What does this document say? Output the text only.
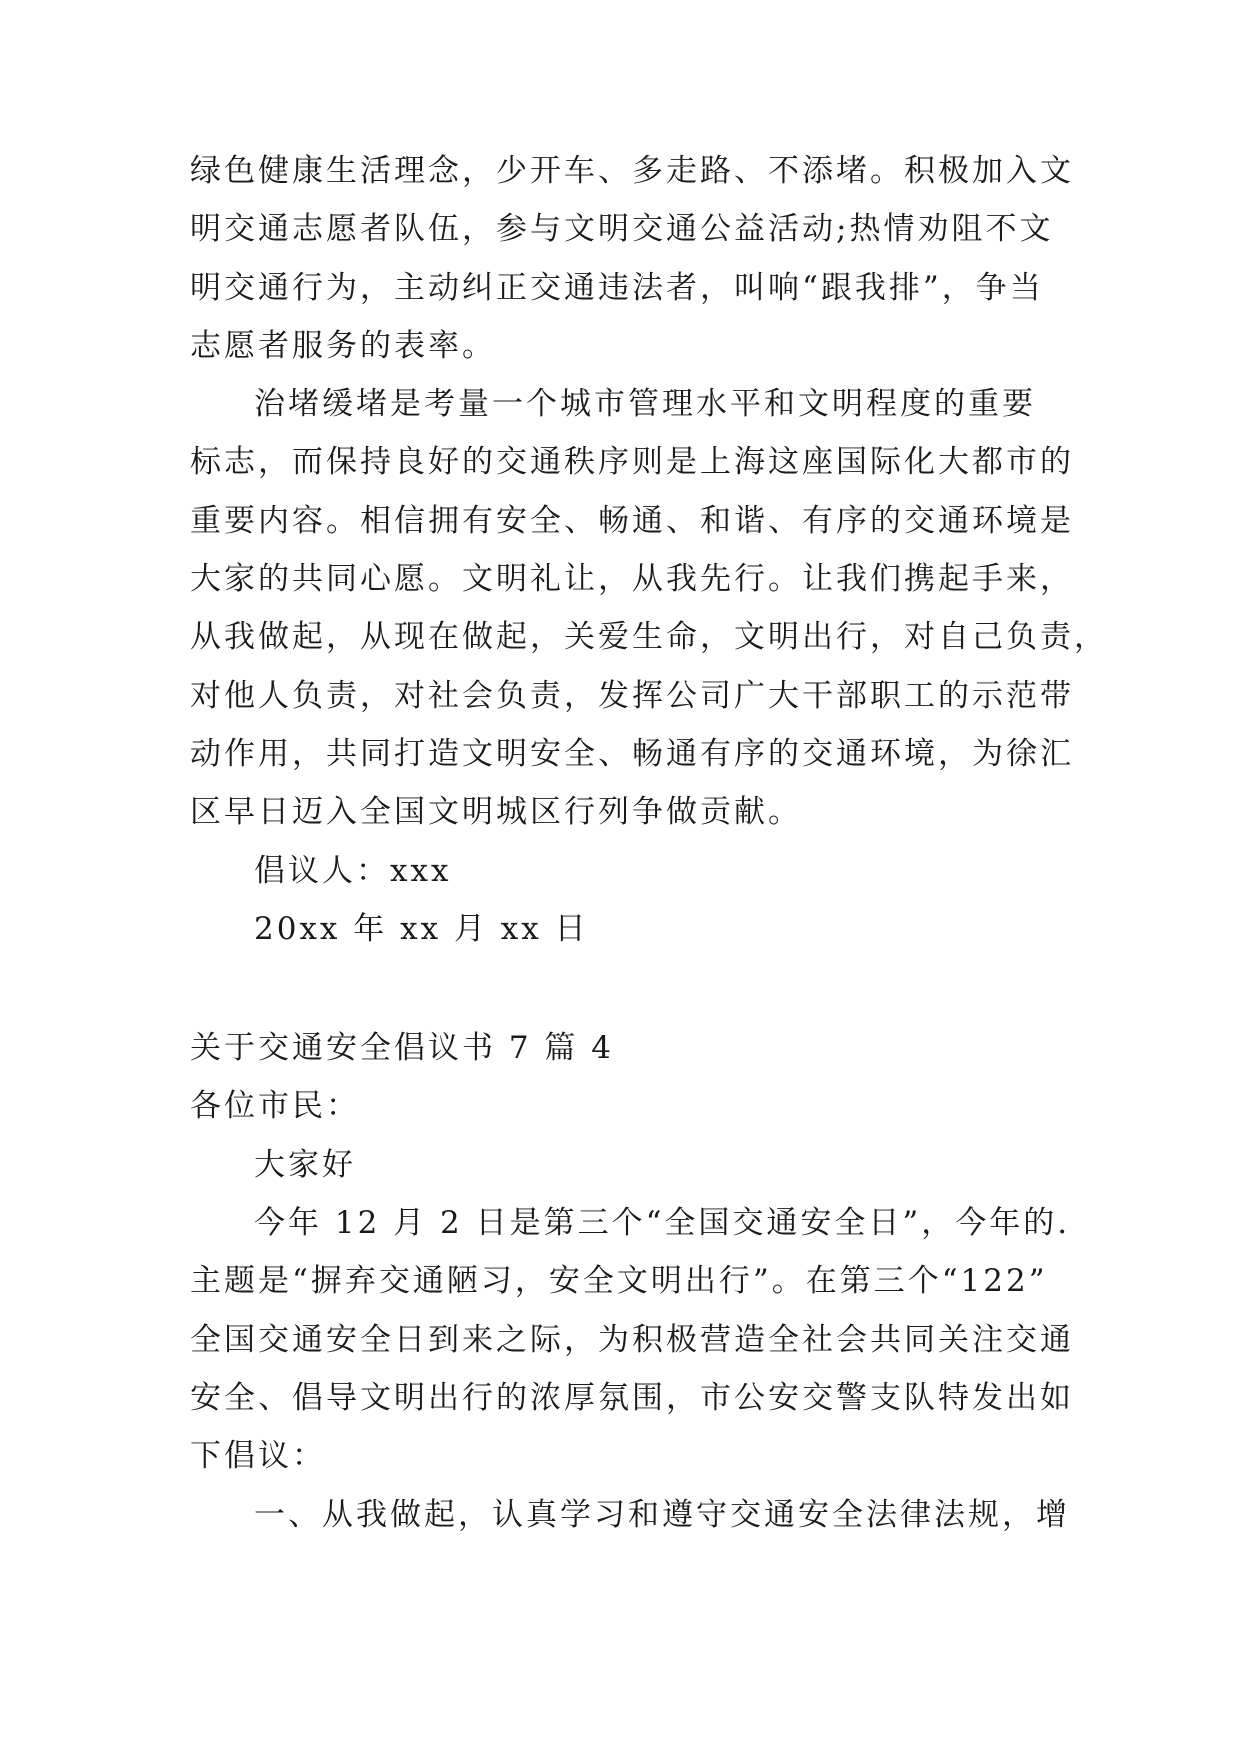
绿色健康生活理念，少开车、多走路、不添堵。积极加入文
明交通志愿者队伍，参与文明交通公益活动;热情劝阻不文
明交通行为，主动纠正交通违法者，叫响“跟我排”，争当
志愿者服务的表率。
治堵缓堵是考量一个城市管理水平和文明程度的重要
标志，而保持良好的交通秩序则是上海这座国际化大都市的
重要内容。相信拥有安全、畅通、和谐、有序的交通环境是
大家的共同心愿。文明礼让，从我先行。让我们携起手来，
从我做起，从现在做起，关爱生命，文明出行，对自己负责，
对他人负责，对社会负责，发挥公司广大干部职工的示范带
动作用，共同打造文明安全、畅通有序的交通环境，为徐汇
区早日迈入全国文明城区行列争做贡献。
倡议人：xxx
20xx 年 xx 月 xx 日
关于交通安全倡议书 7 篇 4
各位市民：
大家好
今年 12 月 2 日是第三个“全国交通安全日”，今年的.
主题是“摒弃交通陋习，安全文明出行”。在第三个“122”
全国交通安全日到来之际，为积极营造全社会共同关注交通
安全、倡导文明出行的浓厚氛围，市公安交警支队特发出如
下倡议：
一、从我做起，认真学习和遵守交通安全法律法规，增
